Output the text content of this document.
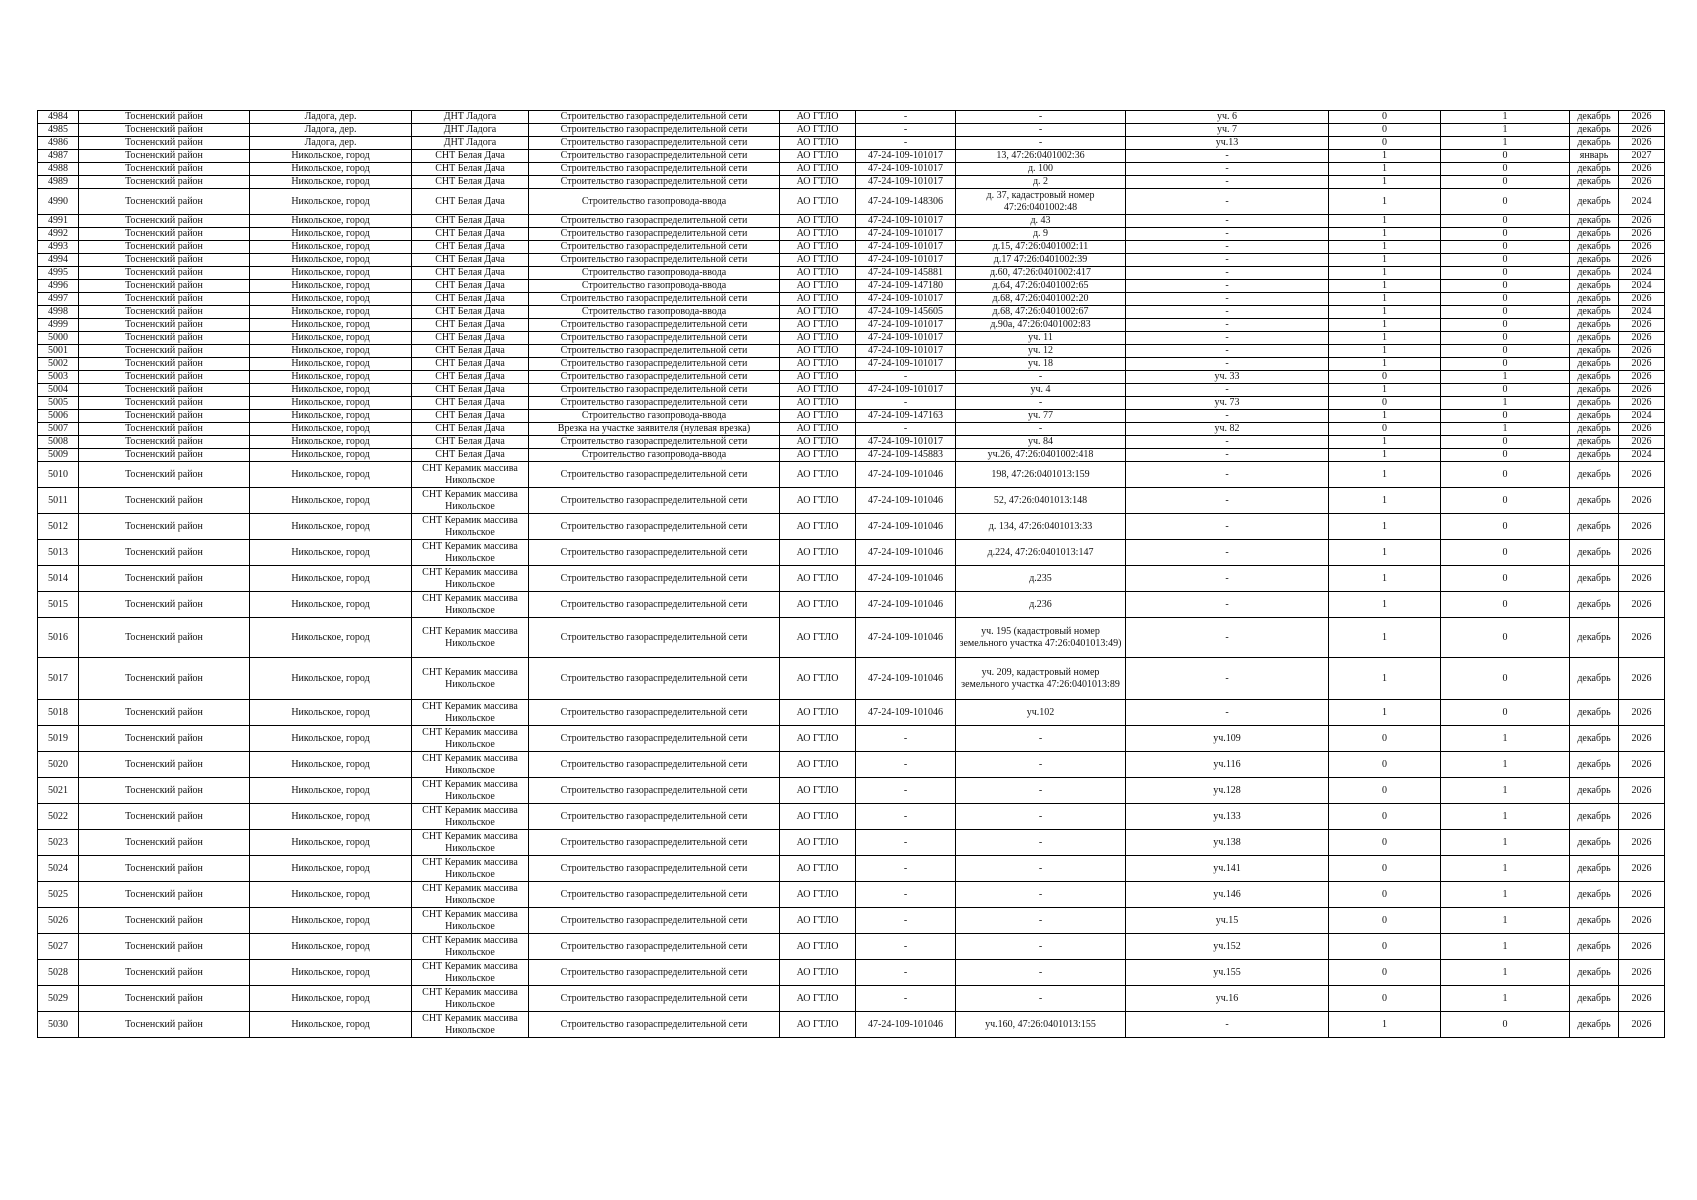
4984	Тосненский район	Ладога, дер.	ДНТ Ладога	Строительство газораспределительной сети	АО ГТЛО	-	-	уч. 6	0	1	декабрь	2026
4985	Тосненский район	Ладога, дер.	ДНТ Ладога	Строительство газораспределительной сети	АО ГТЛО	-	-	уч. 7	0	1	декабрь	2026
4986	Тосненский район	Ладога, дер.	ДНТ Ладога	Строительство газораспределительной сети	АО ГТЛО	-	-	уч.13	0	1	декабрь	2026
4987	Тосненский район	Никольское, город	СНТ Белая Дача	Строительство газораспределительной сети	АО ГТЛО	47-24-109-101017	13, 47:26:0401002:36	-	1	0	январь	2027
4988	Тосненский район	Никольское, город	СНТ Белая Дача	Строительство газораспределительной сети	АО ГТЛО	47-24-109-101017	д. 100	-	1	0	декабрь	2026
4989	Тосненский район	Никольское, город	СНТ Белая Дача	Строительство газораспределительной сети	АО ГТЛО	47-24-109-101017	д. 2	-	1	0	декабрь	2026
4990	Тосненский район	Никольское, город	СНТ Белая Дача	Строительство газопровода-ввода	АО ГТЛО	47-24-109-148306	д. 37, кадастровый номер 47:26:0401002:48	-	1	0	декабрь	2024
4991	Тосненский район	Никольское, город	СНТ Белая Дача	Строительство газораспределительной сети	АО ГТЛО	47-24-109-101017	д. 43	-	1	0	декабрь	2026
4992	Тосненский район	Никольское, город	СНТ Белая Дача	Строительство газораспределительной сети	АО ГТЛО	47-24-109-101017	д. 9	-	1	0	декабрь	2026
4993	Тосненский район	Никольское, город	СНТ Белая Дача	Строительство газораспределительной сети	АО ГТЛО	47-24-109-101017	д.15, 47:26:0401002:11	-	1	0	декабрь	2026
4994	Тосненский район	Никольское, город	СНТ Белая Дача	Строительство газораспределительной сети	АО ГТЛО	47-24-109-101017	д.17 47:26:0401002:39	-	1	0	декабрь	2026
4995	Тосненский район	Никольское, город	СНТ Белая Дача	Строительство газопровода-ввода	АО ГТЛО	47-24-109-145881	д.60, 47:26:0401002:417	-	1	0	декабрь	2024
4996	Тосненский район	Никольское, город	СНТ Белая Дача	Строительство газопровода-ввода	АО ГТЛО	47-24-109-147180	д.64, 47:26:0401002:65	-	1	0	декабрь	2024
4997	Тосненский район	Никольское, город	СНТ Белая Дача	Строительство газораспределительной сети	АО ГТЛО	47-24-109-101017	д.68, 47:26:0401002:20	-	1	0	декабрь	2026
4998	Тосненский район	Никольское, город	СНТ Белая Дача	Строительство газопровода-ввода	АО ГТЛО	47-24-109-145605	д.68, 47:26:0401002:67	-	1	0	декабрь	2024
4999	Тосненский район	Никольское, город	СНТ Белая Дача	Строительство газораспределительной сети	АО ГТЛО	47-24-109-101017	д.90а, 47:26:0401002:83	-	1	0	декабрь	2026
5000	Тосненский район	Никольское, город	СНТ Белая Дача	Строительство газораспределительной сети	АО ГТЛО	47-24-109-101017	уч. 11	-	1	0	декабрь	2026
5001	Тосненский район	Никольское, город	СНТ Белая Дача	Строительство газораспределительной сети	АО ГТЛО	47-24-109-101017	уч. 12	-	1	0	декабрь	2026
5002	Тосненский район	Никольское, город	СНТ Белая Дача	Строительство газораспределительной сети	АО ГТЛО	47-24-109-101017	уч. 18	-	1	0	декабрь	2026
5003	Тосненский район	Никольское, город	СНТ Белая Дача	Строительство газораспределительной сети	АО ГТЛО	-	-	уч. 33	0	1	декабрь	2026
5004	Тосненский район	Никольское, город	СНТ Белая Дача	Строительство газораспределительной сети	АО ГТЛО	47-24-109-101017	уч. 4	-	1	0	декабрь	2026
5005	Тосненский район	Никольское, город	СНТ Белая Дача	Строительство газораспределительной сети	АО ГТЛО	-	-	уч. 73	0	1	декабрь	2026
5006	Тосненский район	Никольское, город	СНТ Белая Дача	Строительство газопровода-ввода	АО ГТЛО	47-24-109-147163	уч. 77	-	1	0	декабрь	2024
5007	Тосненский район	Никольское, город	СНТ Белая Дача	Врезка на участке заявителя (нулевая врезка)	АО ГТЛО	-	-	уч. 82	0	1	декабрь	2026
5008	Тосненский район	Никольское, город	СНТ Белая Дача	Строительство газораспределительной сети	АО ГТЛО	47-24-109-101017	уч. 84	-	1	0	декабрь	2026
5009	Тосненский район	Никольское, город	СНТ Белая Дача	Строительство газопровода-ввода	АО ГТЛО	47-24-109-145883	уч.26, 47:26:0401002:418	-	1	0	декабрь	2024
5010	Тосненский район	Никольское, город	СНТ Керамик массива Никольское	Строительство газораспределительной сети	АО ГТЛО	47-24-109-101046	198, 47:26:0401013:159	-	1	0	декабрь	2026
5011	Тосненский район	Никольское, город	СНТ Керамик массива Никольское	Строительство газораспределительной сети	АО ГТЛО	47-24-109-101046	52, 47:26:0401013:148	-	1	0	декабрь	2026
5012	Тосненский район	Никольское, город	СНТ Керамик массива Никольское	Строительство газораспределительной сети	АО ГТЛО	47-24-109-101046	д. 134, 47:26:0401013:33	-	1	0	декабрь	2026
5013	Тосненский район	Никольское, город	СНТ Керамик массива Никольское	Строительство газораспределительной сети	АО ГТЛО	47-24-109-101046	д.224, 47:26:0401013:147	-	1	0	декабрь	2026
5014	Тосненский район	Никольское, город	СНТ Керамик массива Никольское	Строительство газораспределительной сети	АО ГТЛО	47-24-109-101046	д.235	-	1	0	декабрь	2026
5015	Тосненский район	Никольское, город	СНТ Керамик массива Никольское	Строительство газораспределительной сети	АО ГТЛО	47-24-109-101046	д.236	-	1	0	декабрь	2026
5016	Тосненский район	Никольское, город	СНТ Керамик массива Никольское	Строительство газораспределительной сети	АО ГТЛО	47-24-109-101046	уч. 195 (кадастровый номер земельного участка 47:26:0401013:49)	-	1	0	декабрь	2026
5017	Тосненский район	Никольское, город	СНТ Керамик массива Никольское	Строительство газораспределительной сети	АО ГТЛО	47-24-109-101046	уч. 209, кадастровый номер земельного участка 47:26:0401013:89	-	1	0	декабрь	2026
5018	Тосненский район	Никольское, город	СНТ Керамик массива Никольское	Строительство газораспределительной сети	АО ГТЛО	47-24-109-101046	уч.102	-	1	0	декабрь	2026
5019	Тосненский район	Никольское, город	СНТ Керамик массива Никольское	Строительство газораспределительной сети	АО ГТЛО	-	-	уч.109	0	1	декабрь	2026
5020	Тосненский район	Никольское, город	СНТ Керамик массива Никольское	Строительство газораспределительной сети	АО ГТЛО	-	-	уч.116	0	1	декабрь	2026
5021	Тосненский район	Никольское, город	СНТ Керамик массива Никольское	Строительство газораспределительной сети	АО ГТЛО	-	-	уч.128	0	1	декабрь	2026
5022	Тосненский район	Никольское, город	СНТ Керамик массива Никольское	Строительство газораспределительной сети	АО ГТЛО	-	-	уч.133	0	1	декабрь	2026
5023	Тосненский район	Никольское, город	СНТ Керамик массива Никольское	Строительство газораспределительной сети	АО ГТЛО	-	-	уч.138	0	1	декабрь	2026
5024	Тосненский район	Никольское, город	СНТ Керамик массива Никольское	Строительство газораспределительной сети	АО ГТЛО	-	-	уч.141	0	1	декабрь	2026
5025	Тосненский район	Никольское, город	СНТ Керамик массива Никольское	Строительство газораспределительной сети	АО ГТЛО	-	-	уч.146	0	1	декабрь	2026
5026	Тосненский район	Никольское, город	СНТ Керамик массива Никольское	Строительство газораспределительной сети	АО ГТЛО	-	-	уч.15	0	1	декабрь	2026
5027	Тосненский район	Никольское, город	СНТ Керамик массива Никольское	Строительство газораспределительной сети	АО ГТЛО	-	-	уч.152	0	1	декабрь	2026
5028	Тосненский район	Никольское, город	СНТ Керамик массива Никольское	Строительство газораспределительной сети	АО ГТЛО	-	-	уч.155	0	1	декабрь	2026
5029	Тосненский район	Никольское, город	СНТ Керамик массива Никольское	Строительство газораспределительной сети	АО ГТЛО	-	-	уч.16	0	1	декабрь	2026
5030	Тосненский район	Никольское, город	СНТ Керамик массива Никольское	Строительство газораспределительной сети	АО ГТЛО	47-24-109-101046	уч.160, 47:26:0401013:155	-	1	0	декабрь	2026
